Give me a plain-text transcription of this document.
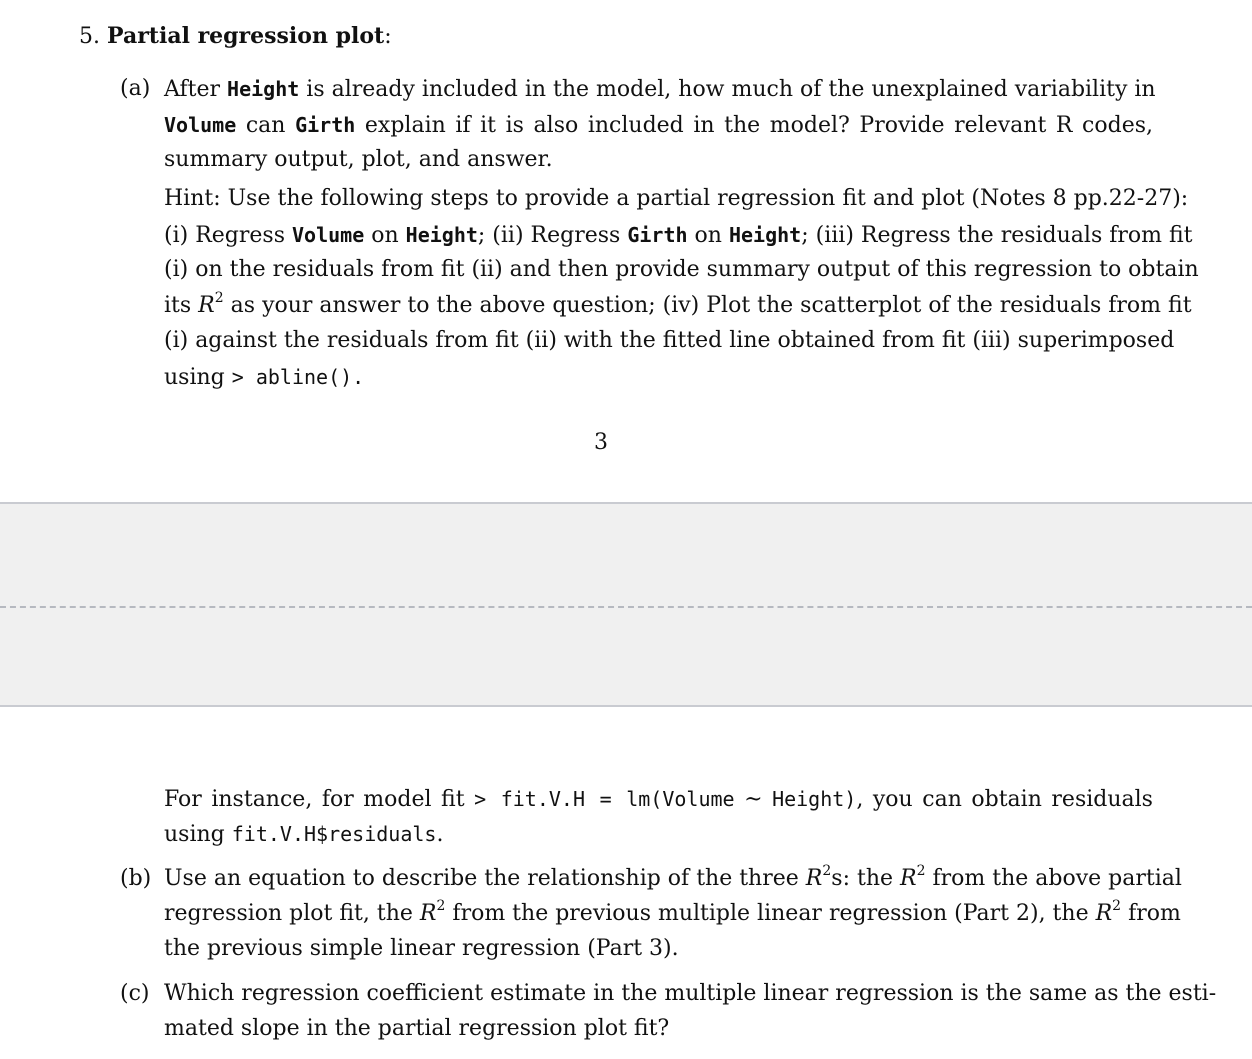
5. Partial regression plot:
(a) After Height is already included in the model, how much of the unexplained variability in
Volume can Girth explain if it is also included in the model? Provide relevant R codes,
summary output, plot, and answer.
Hint: Use the following steps to provide a partial regression fit and plot (Notes 8 pp.22-27):
(i) Regress Volume on Height; (ii) Regress Girth on Height; (iii) Regress the residuals from fit
(i) on the residuals from fit (ii) and then provide summary output of this regression to obtain
its $R^2$ as your answer to the above question; (iv) Plot the scatterplot of the residuals from fit
(i) against the residuals from fit (ii) with the fitted line obtained from fit (iii) superimposed
using > abline().
3
For instance, for model fit > fit.V.H = lm(Volume ~ Height), you can obtain residuals
using fit.V.H$residuals.
(b) Use an equation to describe the relationship of the three $R^2s$: the $R^2$ from the above partial
regression plot fit, the $R^2$ from the previous multiple linear regression (Part 2), the $R^2$ from
the previous simple linear regression (Part 3).
(c) Which regression coefficient estimate in the multiple linear regression is the same as the esti-
mated slope in the partial regression plot fit?
